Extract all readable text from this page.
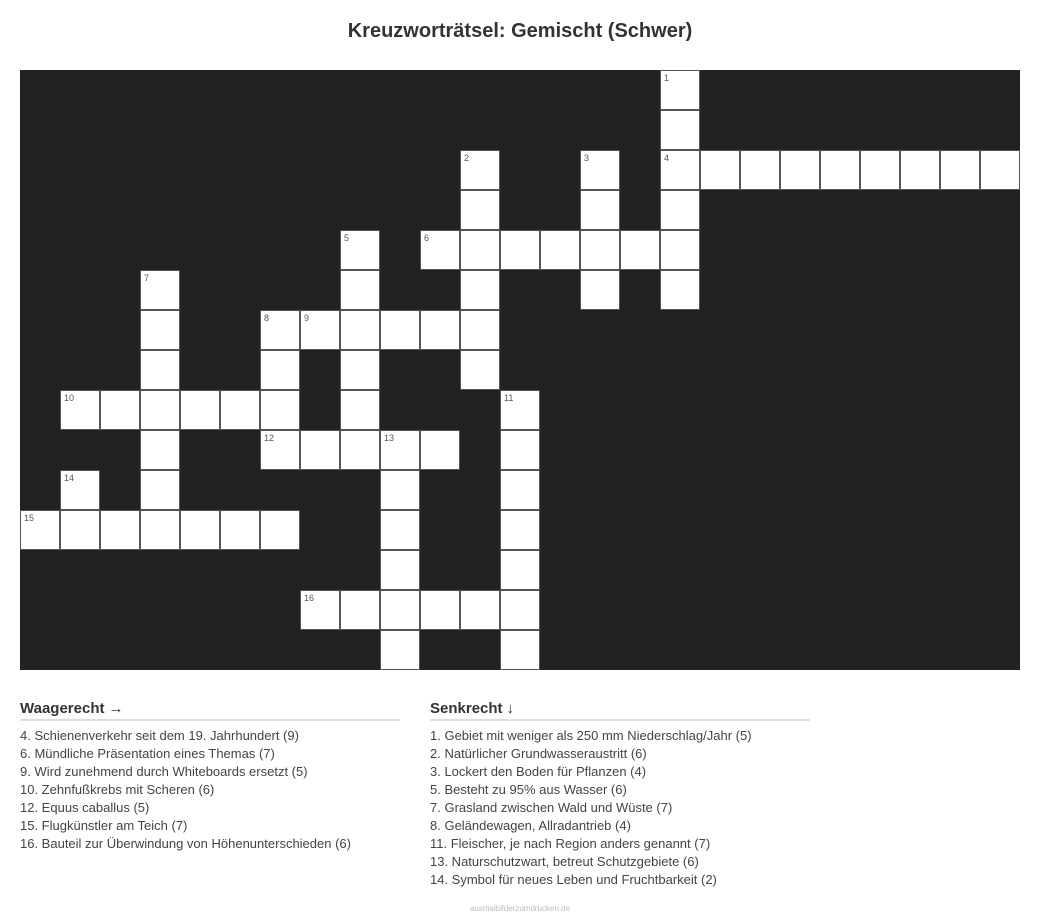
Kreuzworträtsel: Gemischt (Schwer)
1
2	3	4
5	6
7
8	9
10	11
12	13
14
15
16
Waagerecht →
4. Schienenverkehr seit dem 19. Jahrhundert (9)
6. Mündliche Präsentation eines Themas (7)
9. Wird zunehmend durch Whiteboards ersetzt (5)
10. Zehnfußkrebs mit Scheren (6)
12. Equus caballus (5)
15. Flugkünstler am Teich (7)
16. Bauteil zur Überwindung von Höhenunterschieden (6)
Senkrecht ↓
1. Gebiet mit weniger als 250 mm Niederschlag/Jahr (5)
2. Natürlicher Grundwasseraustritt (6)
3. Lockert den Boden für Pflanzen (4)
5. Besteht zu 95% aus Wasser (6)
7. Grasland zwischen Wald und Wüste (7)
8. Geländewagen, Allradantrieb (4)
11. Fleischer, je nach Region anders genannt (7)
13. Naturschutzwart, betreut Schutzgebiete (6)
14. Symbol für neues Leben und Fruchtbarkeit (2)
ausmalbilderzumdrucken.de
